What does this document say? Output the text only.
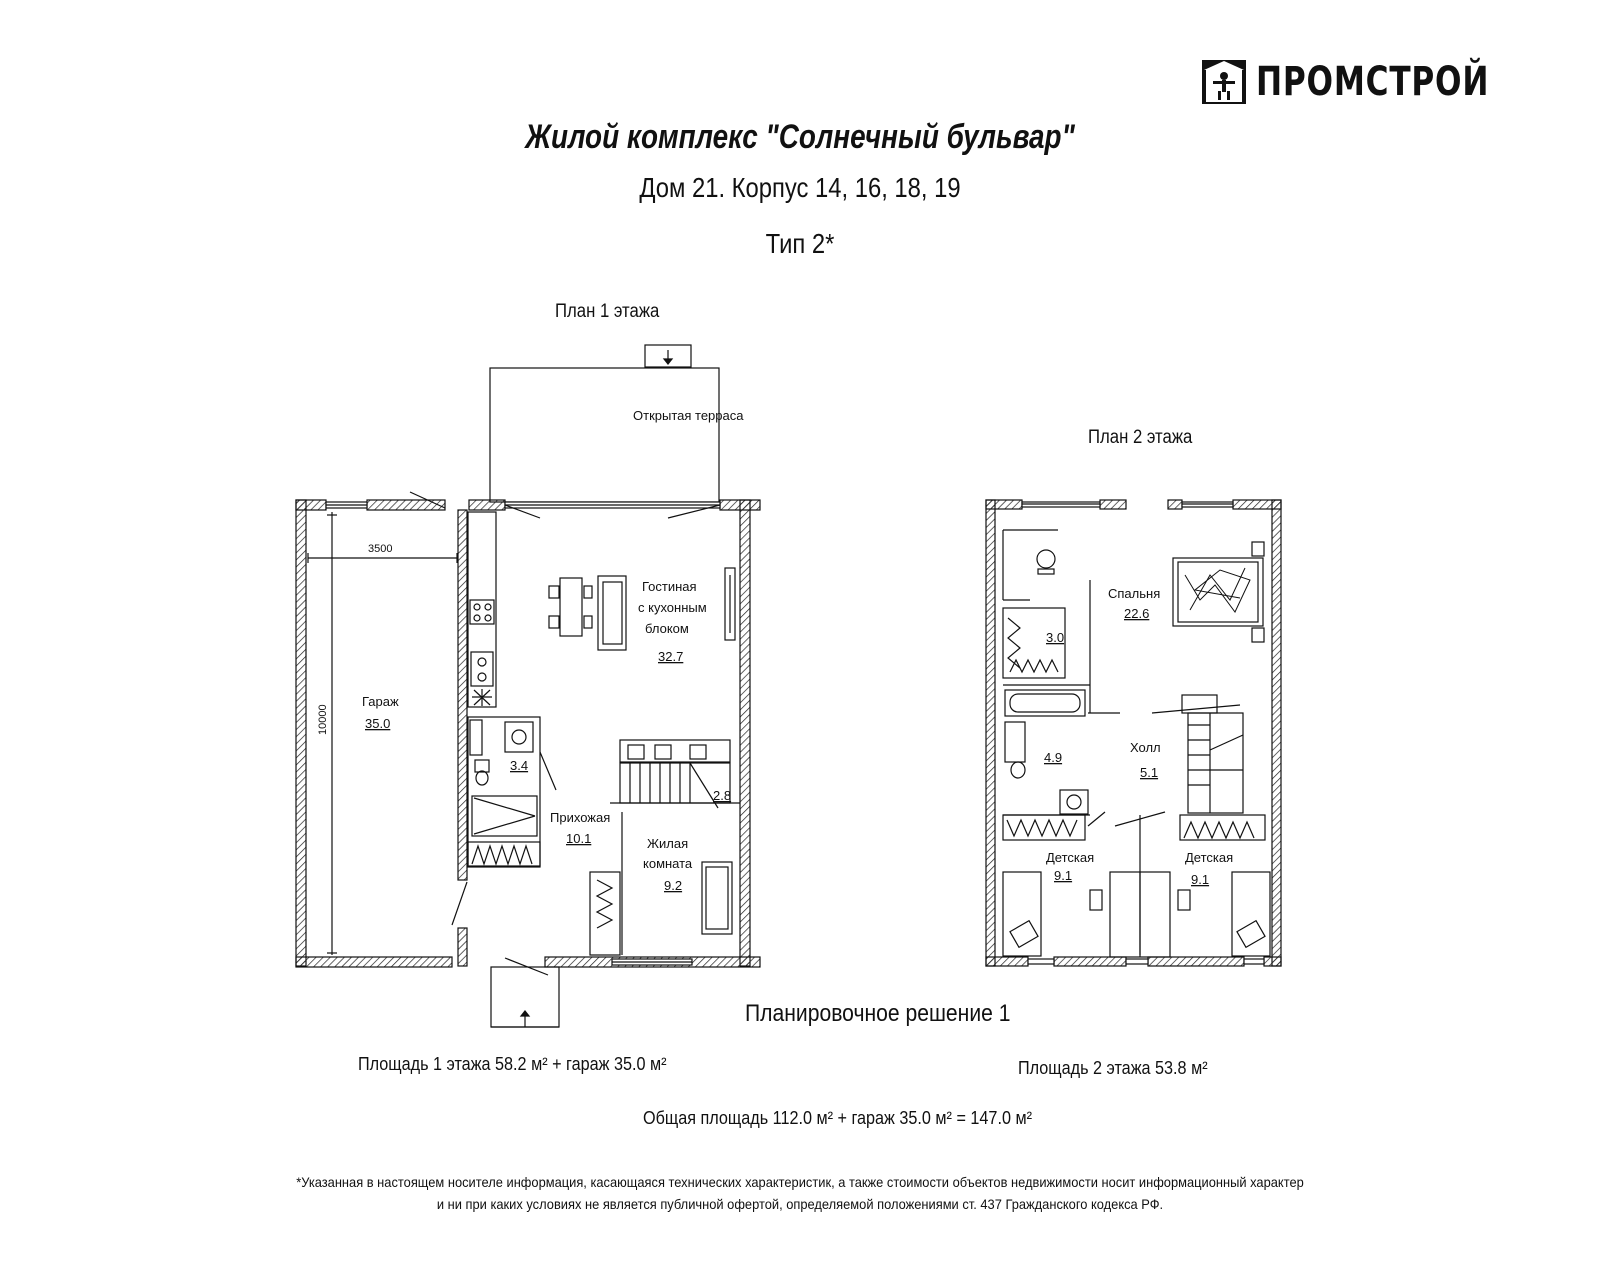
ПРОМСТРОЙ
Жилой комплекс "Солнечный бульвар"
Дом 21. Корпус 14, 16, 18, 19
Тип 2*
План 1 этажа
План 2 этажа
Открытая терраса
3500
10000
Гараж
35.0
Гостиная
с кухонным
блоком
32.7
3.4
Прихожая
10.1
2.8
Жилая
комната
9.2
Спальня
22.6
3.0
4.9
Холл
5.1
Детская
9.1
Детская
9.1
Планировочное решение 1
Площадь 1 этажа 58.2 м² + гараж 35.0 м²	Площадь 2 этажа 53.8 м²
Общая площадь 112.0 м² + гараж 35.0 м² = 147.0 м²
*Указанная в настоящем носителе информация, касающаяся технических характеристик, а также стоимости объектов недвижимости носит информационный характер
и ни при каких условиях не является публичной офертой, определяемой положениями ст. 437 Гражданского кодекса РФ.
